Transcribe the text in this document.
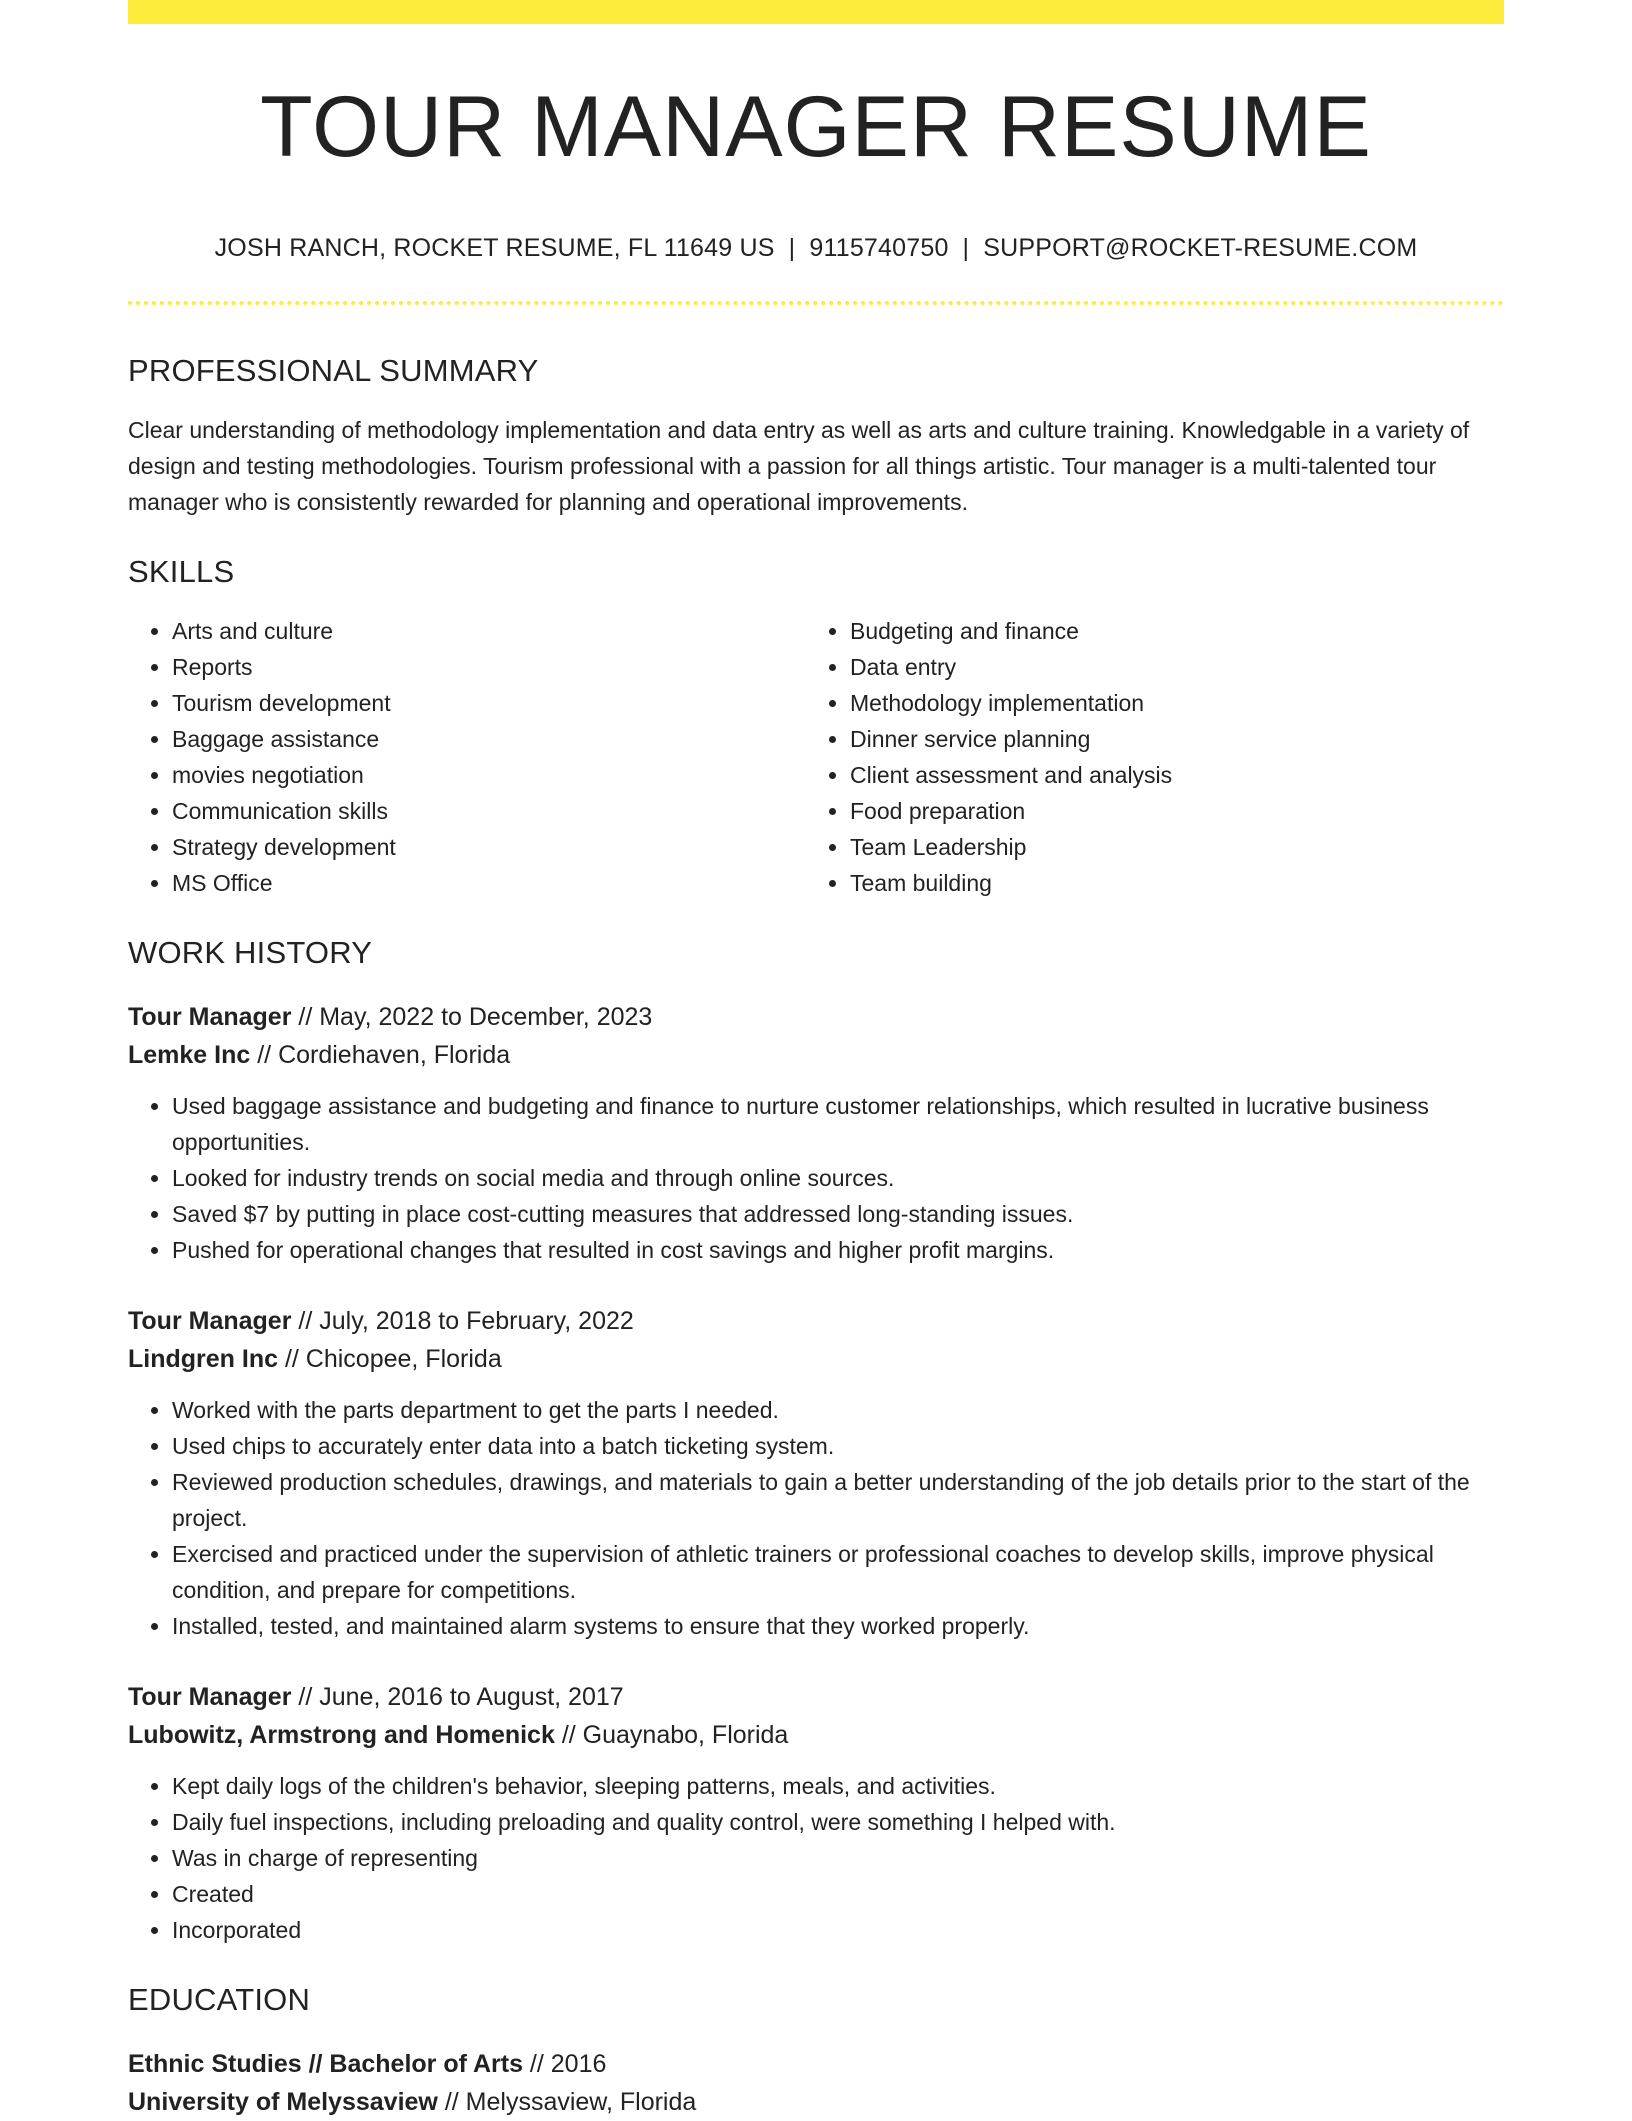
TOUR MANAGER RESUME
JOSH RANCH, ROCKET RESUME, FL 11649 US | 9115740750 | SUPPORT@ROCKET-RESUME.COM
PROFESSIONAL SUMMARY

Clear understanding of methodology implementation and data entry as well as arts and culture training. Knowledgable in a variety of design and testing methodologies. Tourism professional with a passion for all things artistic. Tour manager is a multi-talented tour manager who is consistently rewarded for planning and operational improvements.

SKILLS
• Arts and culture
• Reports
• Tourism development
• Baggage assistance
• movies negotiation
• Communication skills
• Strategy development
• MS Office
• Budgeting and finance
• Data entry
• Methodology implementation
• Dinner service planning
• Client assessment and analysis
• Food preparation
• Team Leadership
• Team building
WORK HISTORY
Tour Manager // May, 2022 to December, 2023
Lemke Inc // Cordiehaven, Florida
• Used baggage assistance and budgeting and finance to nurture customer relationships, which resulted in lucrative business opportunities.
• Looked for industry trends on social media and through online sources.
• Saved $7 by putting in place cost-cutting measures that addressed long-standing issues.
• Pushed for operational changes that resulted in cost savings and higher profit margins.
Tour Manager // July, 2018 to February, 2022
Lindgren Inc // Chicopee, Florida
• Worked with the parts department to get the parts I needed.
• Used chips to accurately enter data into a batch ticketing system.
• Reviewed production schedules, drawings, and materials to gain a better understanding of the job details prior to the start of the project.
• Exercised and practiced under the supervision of athletic trainers or professional coaches to develop skills, improve physical condition, and prepare for competitions.
• Installed, tested, and maintained alarm systems to ensure that they worked properly.
Tour Manager // June, 2016 to August, 2017
Lubowitz, Armstrong and Homenick // Guaynabo, Florida
• Kept daily logs of the children's behavior, sleeping patterns, meals, and activities.
• Daily fuel inspections, including preloading and quality control, were something I helped with.
• Was in charge of representing
• Created
• Incorporated
EDUCATION
Ethnic Studies // Bachelor of Arts // 2016
University of Melyssaview // Melyssaview, Florida
